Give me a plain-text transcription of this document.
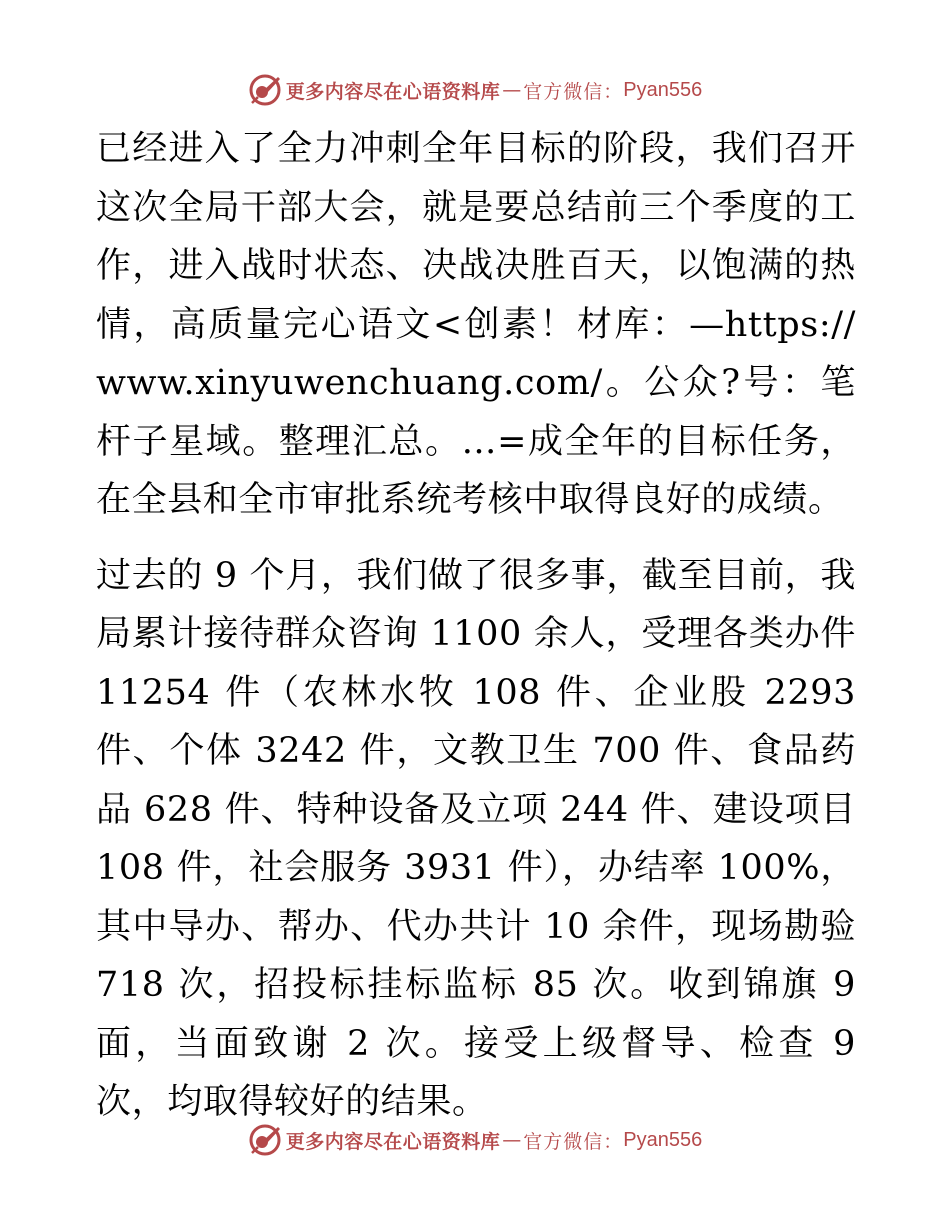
更多内容尽在心语资料库 — 官方微信： Pyan556

已经进入了全力冲刺全年目标的阶段，我们召开这次全局干部大会，就是要总结前三个季度的工作，进入战时状态、决战决胜百天，以饱满的热情，高质量完心语文<创素！材库：—https://www.xinyuwenchuang.com/。公众?号：笔杆子星域。整理汇总。…=成全年的目标任务，在全县和全市审批系统考核中取得良好的成绩。

过去的 9 个月，我们做了很多事，截至目前，我局累计接待群众咨询 1100 余人，受理各类办件 11254 件（农林水牧 108 件、企业股 2293 件、个体 3242 件，文教卫生 700 件、食品药品 628 件、特种设备及立项 244 件、建设项目 108 件，社会服务 3931 件），办结率 100%，其中导办、帮办、代办共计 10 余件，现场勘验 718 次，招投标挂标监标 85 次。收到锦旗 9 面，当面致谢 2 次。接受上级督导、检查 9 次，均取得较好的结果。

更多内容尽在心语资料库 — 官方微信： Pyan556
